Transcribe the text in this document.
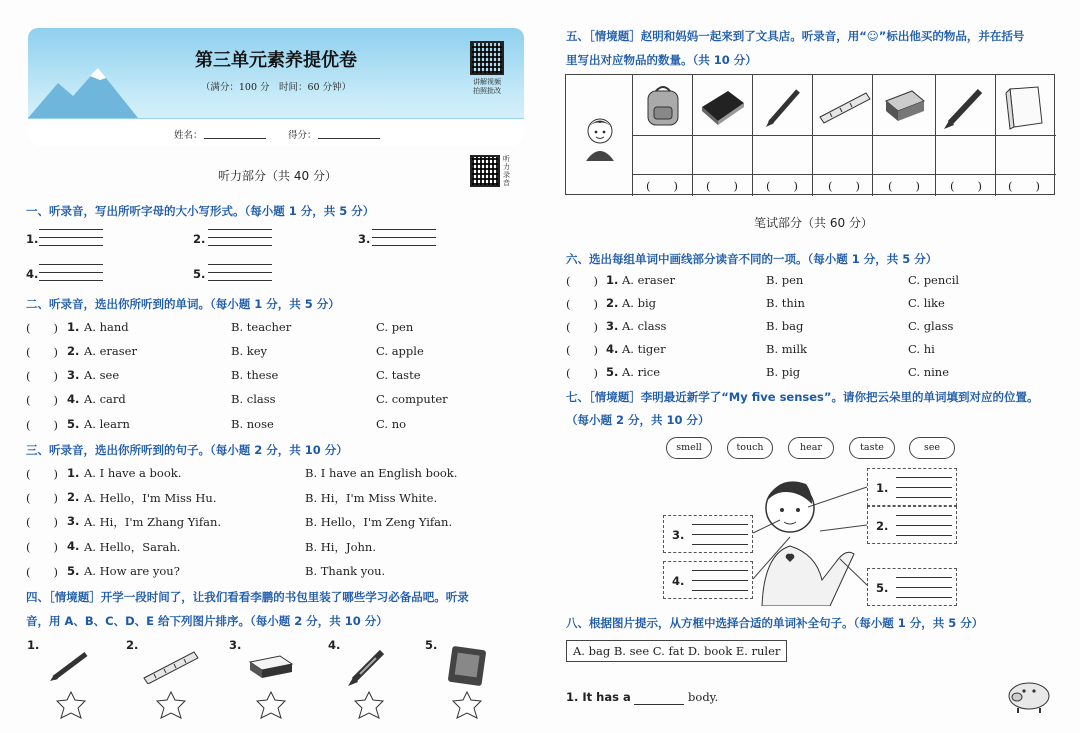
第三单元素养提优卷
（满分：100 分　时间：60 分钟）	讲解视频
拍照批改
姓名：	得分：
听力部分（共 40 分）
听力录音
一、听录音，写出所听字母的大小写形式。（每小题 1 分，共 5 分）
1.	2.	3.
4.	5.
二、听录音，选出你所听到的单词。（每小题 1 分，共 5 分）
(　　) 1. A. hand	B. teacher	C. pen
(　　) 2. A. eraser	B. key	C. apple
(　　) 3. A. see	B. these	C. taste
(　　) 4. A. card	B. class	C. computer
(　　) 5. A. learn	B. nose	C. no
三、听录音，选出你所听到的句子。（每小题 2 分，共 10 分）
(　　) 1. A. I have a book.	B. I have an English book.
(　　) 2. A. Hello，I'm Miss Hu.	B. Hi，I'm Miss White.
(　　) 3. A. Hi，I'm Zhang Yifan.	B. Hello，I'm Zeng Yifan.
(　　) 4. A. Hello，Sarah.	B. Hi，John.
(　　) 5. A. How are you?	B. Thank you.
四、［情境题］开学一段时间了，让我们看看李鹏的书包里装了哪些学习必备品吧。听录
音，用 A、B、C、D、E 给下列图片排序。（每小题 2 分，共 10 分）
1.	2.	3.	4.	5.
五、［情境题］赵明和妈妈一起来到了文具店。听录音，用“☺”标出他买的物品，并在括号
里写出对应物品的数量。（共 10 分）
(　　) (　　) (　　)	(　　) (　　)	(　　) (　　)
笔试部分（共 60 分）
六、选出每组单词中画线部分读音不同的一项。（每小题 1 分，共 5 分）
(　　) 1. A. eraser	B. pen	C. pencil
(　　) 2. A. big	B. thin	C. like
(　　) 3. A. class	B. bag	C. glass
(　　) 4. A. tiger	B. milk	C. hi
(　　) 5. A. rice	B. pig	C. nine
七、［情境题］李明最近新学了“My five senses”。请你把云朵里的单词填到对应的位置。
（每小题 2 分，共 10 分）
smell	touch	hear	taste	see
1.
2.
3.
4.	5.
八、根据图片提示，从方框中选择合适的单词补全句子。（每小题 1 分，共 5 分）
A. bag B. see C. fat D. book E. ruler
1. It has a	body.
